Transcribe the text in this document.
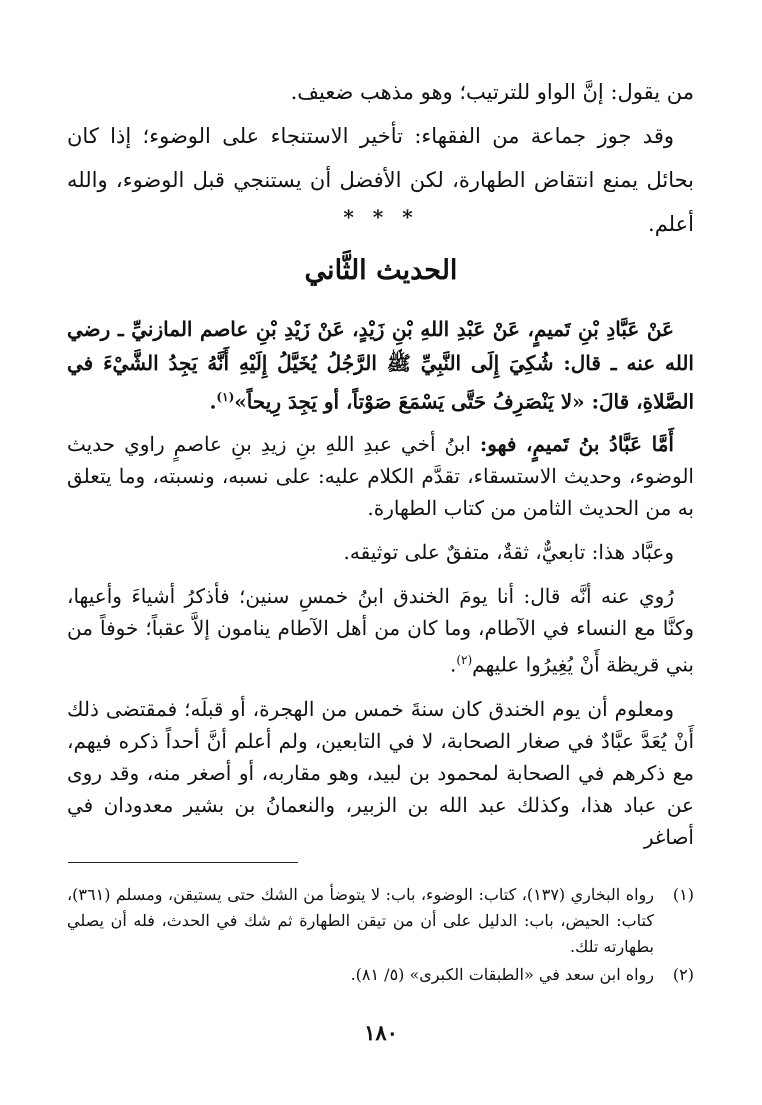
من يقول: إنَّ الواو للترتيب؛ وهو مذهب ضعيف.

وقد جوز جماعة من الفقهاء: تأخير الاستنجاء على الوضوء؛ إذا كان بحائل يمنع انتقاض الطهارة، لكن الأفضل أن يستنجي قبل الوضوء، والله أعلم.

* * *
الحديث الثَّاني

عَنْ عَبَّادِ بْنِ تَميمٍ، عَنْ عَبْدِ اللهِ بْنِ زَيْدٍ، عَنْ زَيْدِ بْنِ عاصم المازنيِّ ـ رضي الله عنه ـ قال: شُكِيَ إِلَى النَّبِيِّ ﷺ الرَّجُلُ يُخَيَّلُ إِلَيْهِ أَنَّهُ يَجِدُ الشَّيْءَ في الصَّلاةِ، قالَ: «لا يَنْصَرِفُ حَتَّى يَسْمَعَ صَوْتاً، أو يَجِدَ رِيحاً»$^{(١)}$.

أَمَّا عَبَّادُ بنُ تَميمٍ، فهو: ابنُ أخي عبدِ اللهِ بنِ زيدِ بنِ عاصمٍ راوي حديث الوضوء، وحديث الاستسقاء، تقدَّم الكلام عليه: على نسبه، ونسبته، وما يتعلق به من الحديث الثامن من كتاب الطهارة.

وعبَّاد هذا: تابعيٌّ، ثقةٌ، متفقٌ على توثيقه.

رُوي عنه أنَّه قال: أنا يومَ الخندق ابنُ خمسِ سنين؛ فأذكرُ أشياءَ وأعيها، وكنَّا مع النساء في الآطام، وما كان من أهل الآطام ينامون إلاَّ عقباً؛ خوفاً من بني قريظة أَنْ يُغِيرُوا عليهم$^{(٢)}$.

ومعلوم أن يوم الخندق كان سنةَ خمس من الهجرة، أو قبلَه؛ فمقتضى ذلك أَنْ يُعَدَّ عبَّادٌ في صغار الصحابة، لا في التابعين، ولم أعلم أنَّ أحداً ذكره فيهم، مع ذكرهم في الصحابة لمحمود بن لبيد، وهو مقاربه، أو أصغر منه، وقد روى عن عباد هذا، وكذلك عبد الله بن الزبير، والنعمانُ بن بشير معدودان في أصاغر

(١)
رواه البخاري (١٣٧)، كتاب: الوضوء، باب: لا يتوضأ من الشك حتى يستيقن، ومسلم (٣٦١)، كتاب: الحيض، باب: الدليل على أن من تيقن الطهارة ثم شك في الحدث، فله أن يصلي بطهارته تلك.
(٢)
رواه ابن سعد في «الطبقات الكبرى» (٥/ ٨١).
١٨٠
